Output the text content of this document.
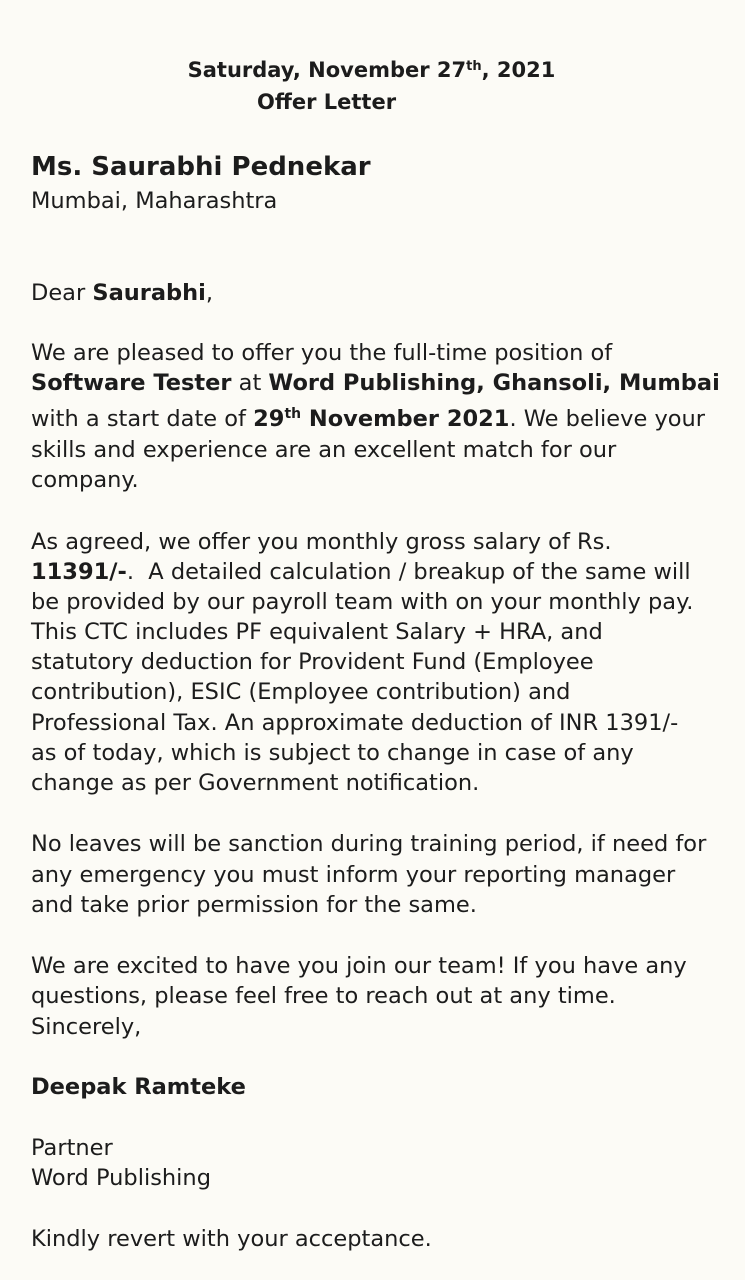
Saturday, November 27th, 2021
Offer Letter
Ms. Saurabhi Pednekar
Mumbai, Maharashtra
Dear Saurabhi,
We are pleased to offer you the full-time position of
Software Tester at Word Publishing, Ghansoli, Mumbai
with a start date of 29th November 2021. We believe your
skills and experience are an excellent match for our
company.
As agreed, we offer you monthly gross salary of Rs.
11391/-.  A detailed calculation / breakup of the same will
be provided by our payroll team with on your monthly pay.
This CTC includes PF equivalent Salary + HRA, and
statutory deduction for Provident Fund (Employee
contribution), ESIC (Employee contribution) and
Professional Tax. An approximate deduction of INR 1391/-
as of today, which is subject to change in case of any
change as per Government notification.
No leaves will be sanction during training period, if need for
any emergency you must inform your reporting manager
and take prior permission for the same.
We are excited to have you join our team! If you have any
questions, please feel free to reach out at any time.
Sincerely,
Deepak Ramteke
Partner
Word Publishing
Kindly revert with your acceptance.
